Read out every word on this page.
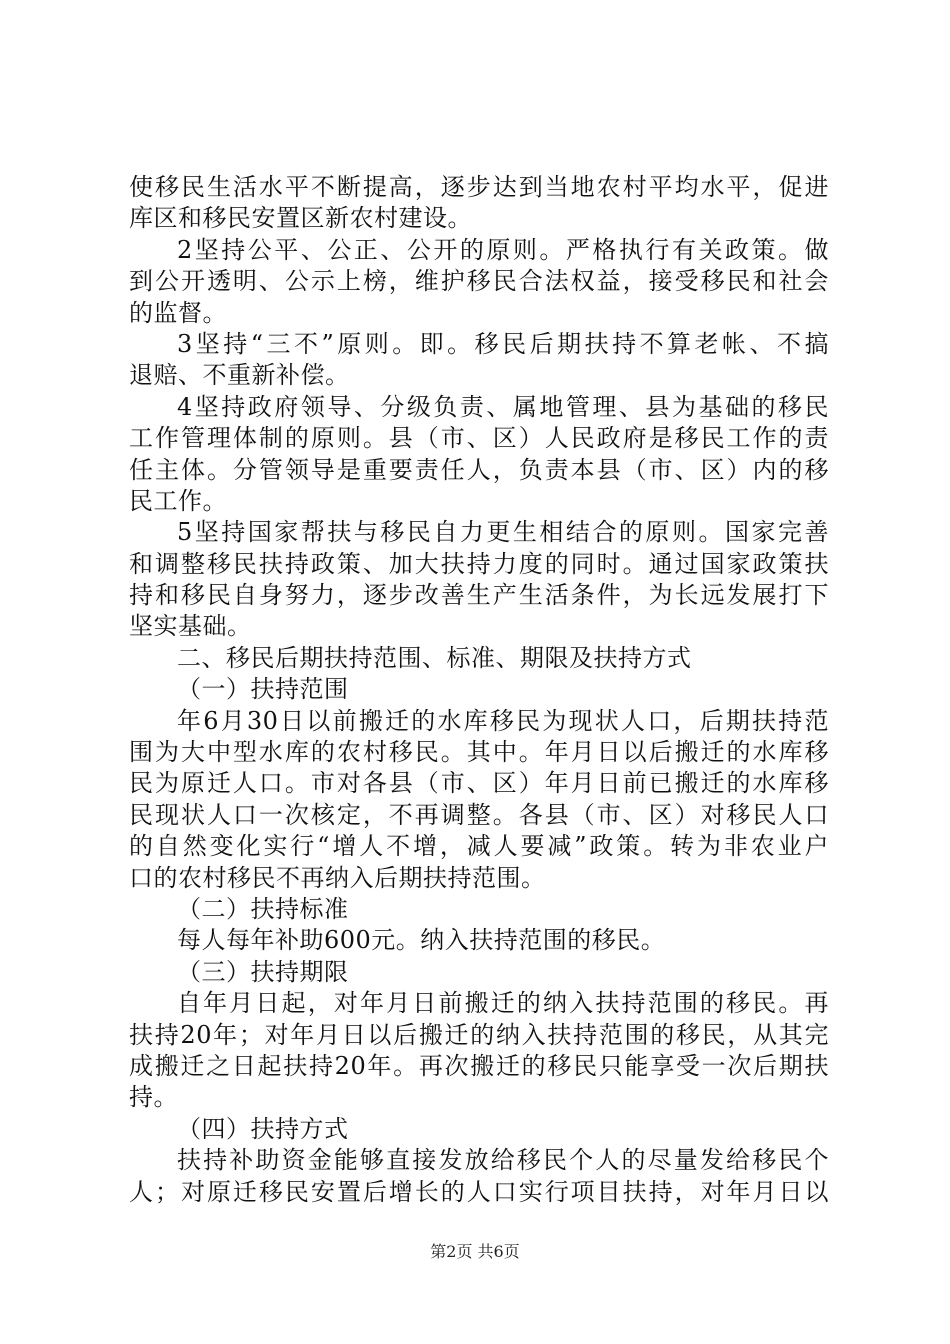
使移民生活水平不断提高，逐步达到当地农村平均水平，促进
库区和移民安置区新农村建设。
2坚持公平、公正、公开的原则。严格执行有关政策。做
到公开透明、公示上榜，维护移民合法权益，接受移民和社会
的监督。
3坚持“三不”原则。即。移民后期扶持不算老帐、不搞
退赔、不重新补偿。
4坚持政府领导、分级负责、属地管理、县为基础的移民
工作管理体制的原则。县（市、区）人民政府是移民工作的责
任主体。分管领导是重要责任人，负责本县（市、区）内的移
民工作。
5坚持国家帮扶与移民自力更生相结合的原则。国家完善
和调整移民扶持政策、加大扶持力度的同时。通过国家政策扶
持和移民自身努力，逐步改善生产生活条件，为长远发展打下
坚实基础。
二、移民后期扶持范围、标准、期限及扶持方式
（一）扶持范围
年6月30日以前搬迁的水库移民为现状人口，后期扶持范
围为大中型水库的农村移民。其中。年月日以后搬迁的水库移
民为原迁人口。市对各县（市、区）年月日前已搬迁的水库移
民现状人口一次核定，不再调整。各县（市、区）对移民人口
的自然变化实行“增人不增，减人要减”政策。转为非农业户
口的农村移民不再纳入后期扶持范围。
（二）扶持标准
每人每年补助600元。纳入扶持范围的移民。
（三）扶持期限
自年月日起，对年月日前搬迁的纳入扶持范围的移民。再
扶持20年；对年月日以后搬迁的纳入扶持范围的移民，从其完
成搬迁之日起扶持20年。再次搬迁的移民只能享受一次后期扶
持。
（四）扶持方式
扶持补助资金能够直接发放给移民个人的尽量发给移民个
人；对原迁移民安置后增长的人口实行项目扶持，对年月日以
第2页 共6页
